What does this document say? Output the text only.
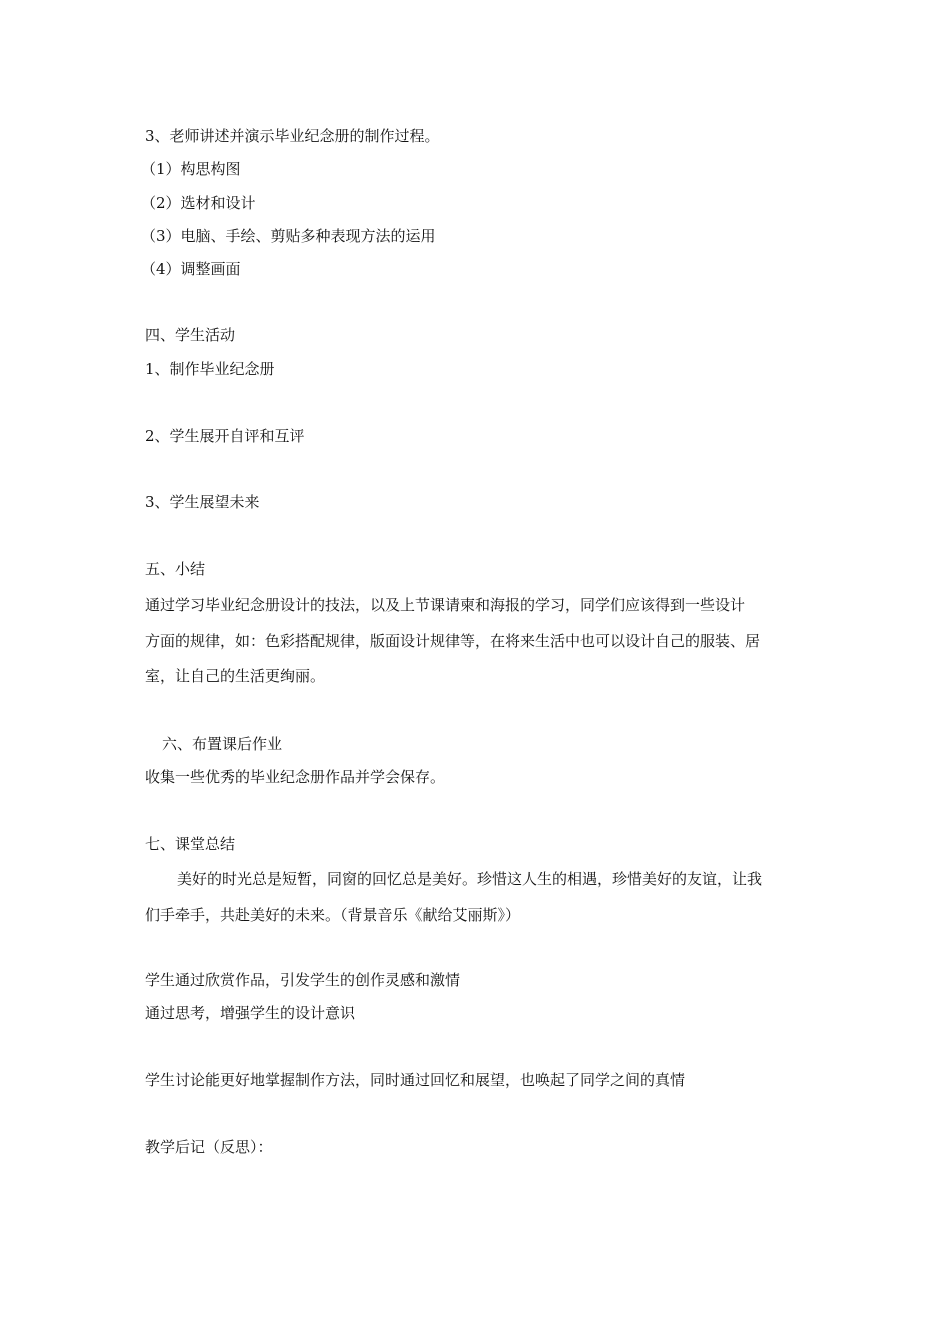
3、老师讲述并演示毕业纪念册的制作过程。
（1）构思构图
（2）选材和设计
（3）电脑、手绘、剪贴多种表现方法的运用
（4）调整画面
四、学生活动
1、制作毕业纪念册
2、学生展开自评和互评
3、学生展望未来
五、小结
通过学习毕业纪念册设计的技法，以及上节课请柬和海报的学习，同学们应该得到一些设计
方面的规律，如：色彩搭配规律，版面设计规律等，在将来生活中也可以设计自己的服装、居
室，让自己的生活更绚丽。
六、布置课后作业
收集一些优秀的毕业纪念册作品并学会保存。
七、课堂总结
美好的时光总是短暂，同窗的回忆总是美好。珍惜这人生的相遇，珍惜美好的友谊，让我
们手牵手，共赴美好的未来。（背景音乐《献给艾丽斯》）
学生通过欣赏作品，引发学生的创作灵感和激情
通过思考，增强学生的设计意识
学生讨论能更好地掌握制作方法，同时通过回忆和展望，也唤起了同学之间的真情
教学后记（反思）：
